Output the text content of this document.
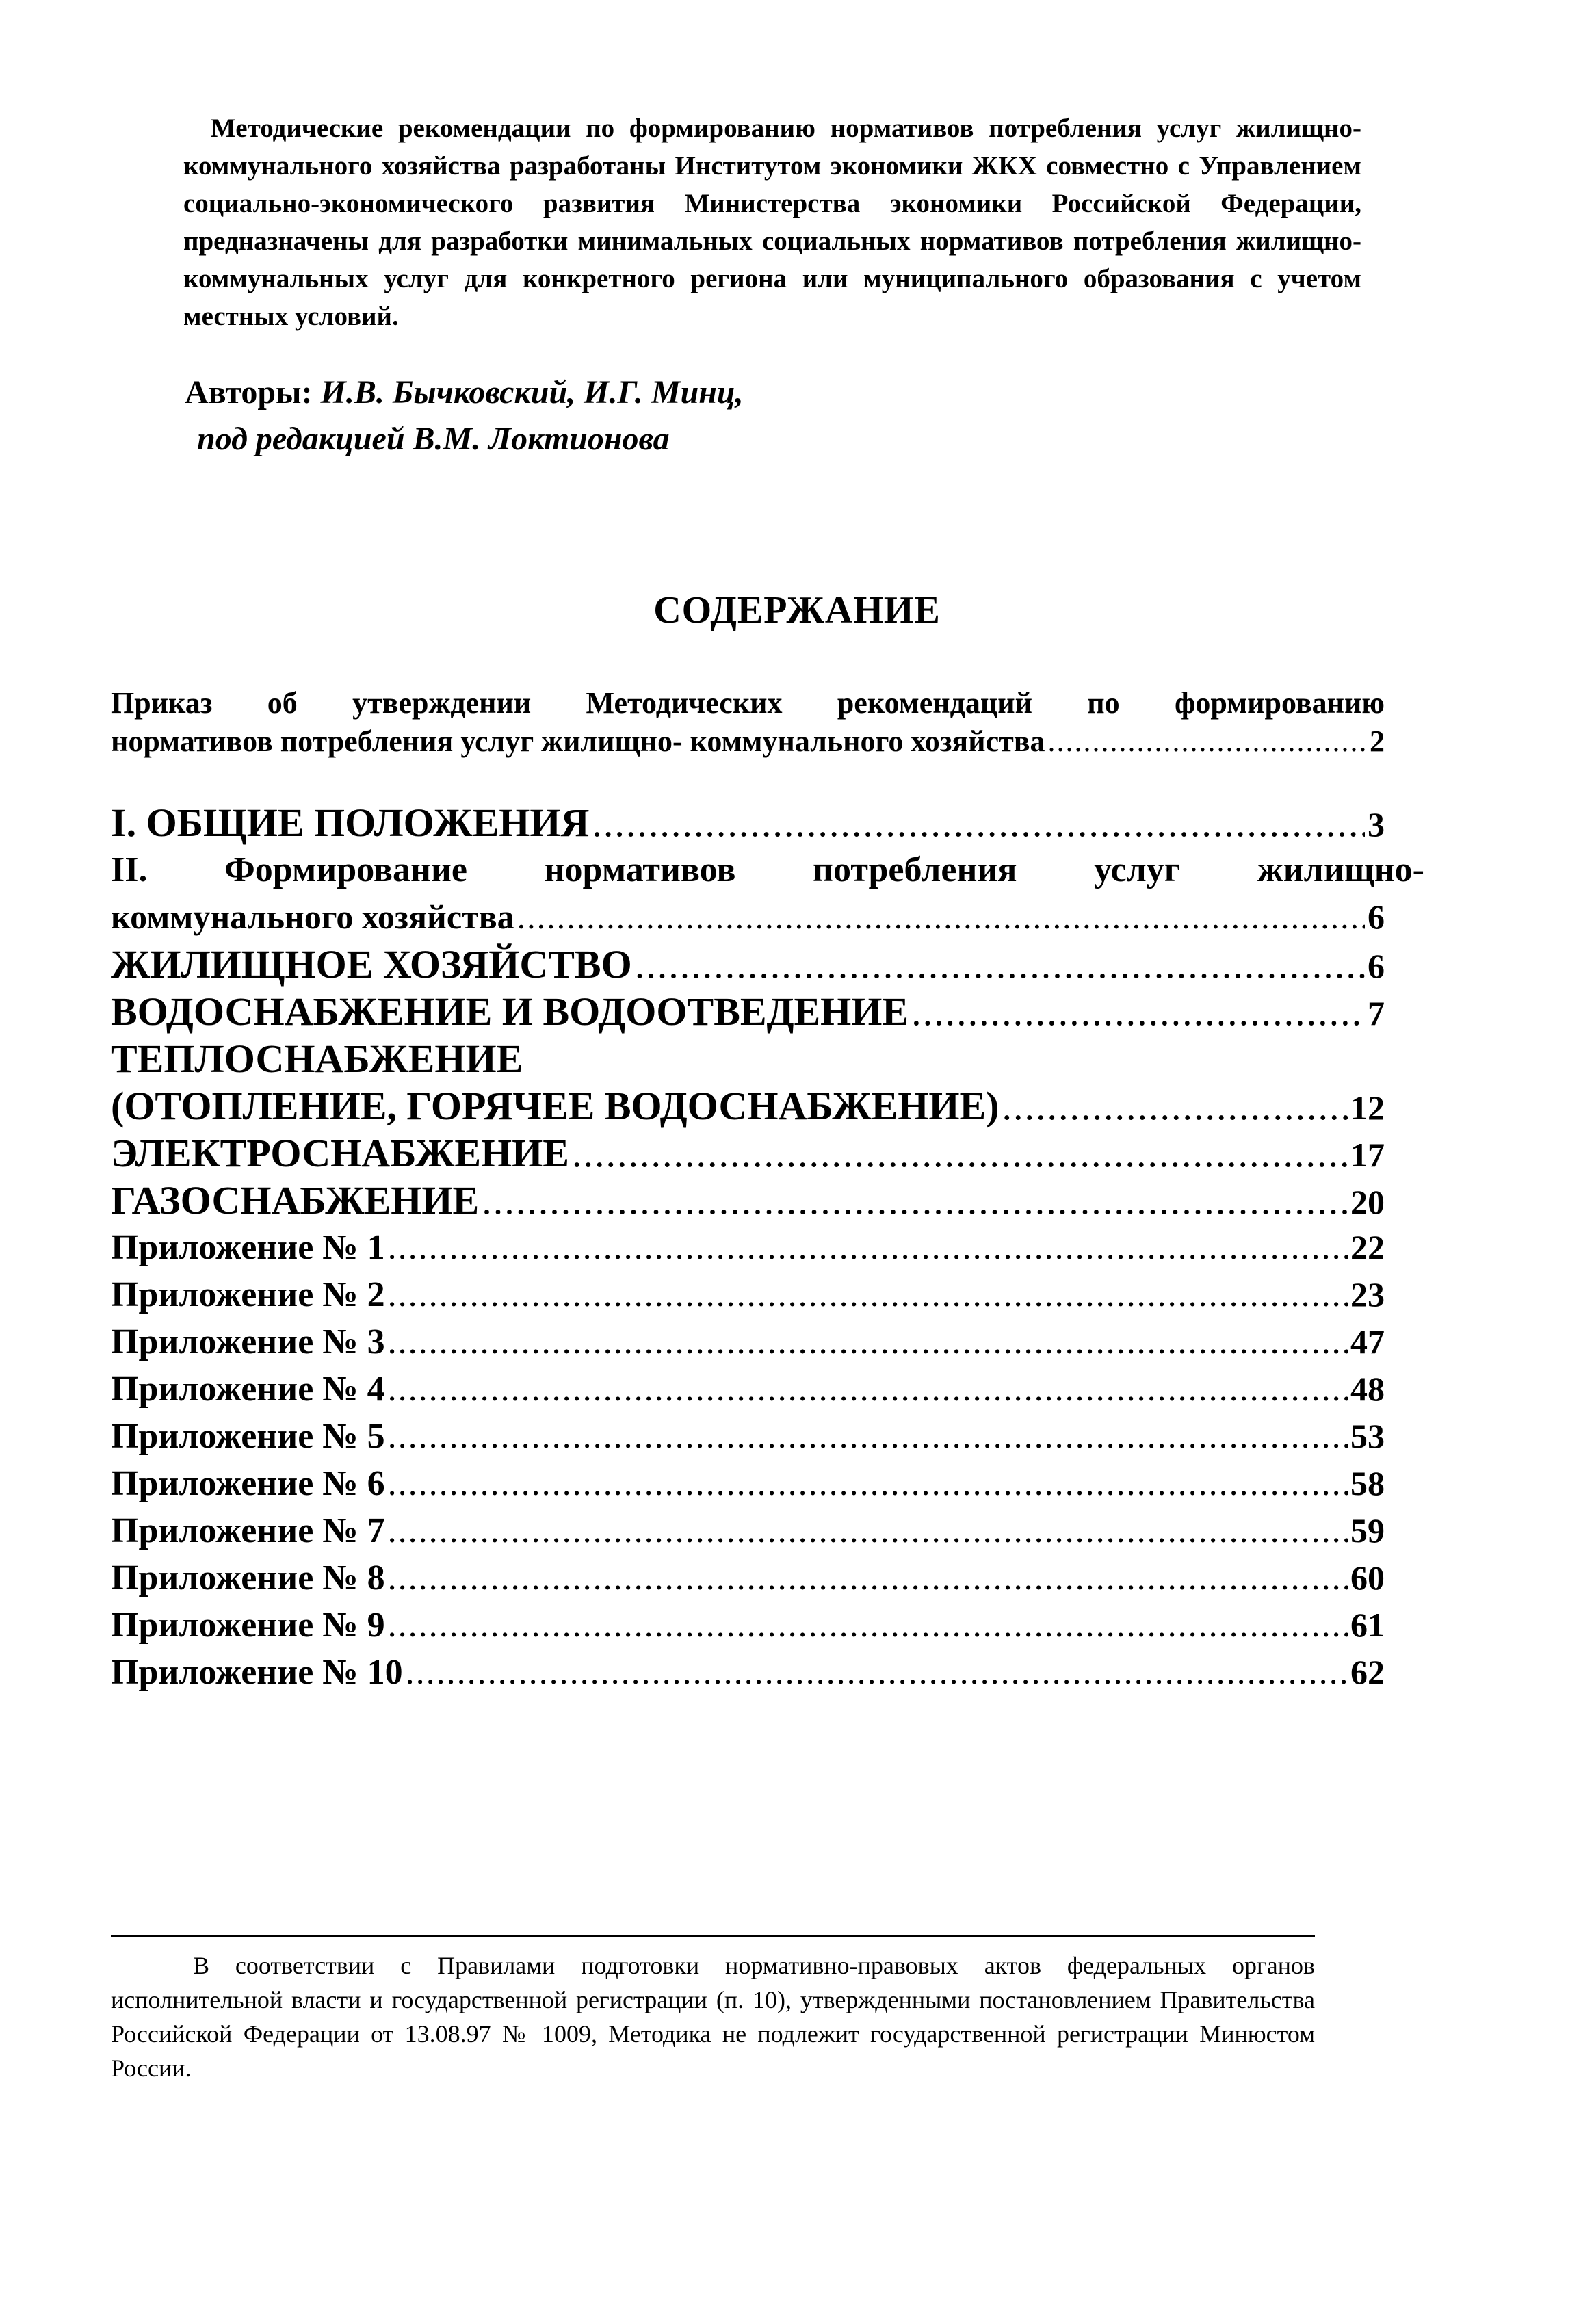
Методические рекомендации по формированию нормативов потребления услуг жилищно-коммунального хозяйства разработаны Институтом экономики ЖКХ совместно с Управлением социально-экономического развития Министерства экономики Российской Федерации, предназначены для разработки минимальных социальных нормативов потребления жилищно-коммунальных услуг для конкретного региона или муниципального образования с учетом местных условий.
Авторы: И.В. Бычковский, И.Г. Минц,
под редакцией В.М. Локтионова
СОДЕРЖАНИЕ
Приказ об утверждении Методических рекомендаций по формированию
нормативов потребления услуг жилищно- коммунального хозяйства .....	2
I. ОБЩИЕ ПОЛОЖЕНИЯ .....	3
II. Формирование нормативов потребления услуг жилищно-
коммунального хозяйства .....	6
ЖИЛИЩНОЕ ХОЗЯЙСТВО .....	6
ВОДОСНАБЖЕНИЕ И ВОДООТВЕДЕНИЕ .....	7
ТЕПЛОСНАБЖЕНИЕ
(ОТОПЛЕНИЕ, ГОРЯЧЕЕ ВОДОСНАБЖЕНИЕ) .....	12
ЭЛЕКТРОСНАБЖЕНИЕ .....	17
ГАЗОСНАБЖЕНИЕ .....	20
Приложение № 1 .....	22
Приложение № 2 .....	23
Приложение № 3 .....	47
Приложение № 4 .....	48
Приложение № 5 .....	53
Приложение № 6 .....	58
Приложение № 7 .....	59
Приложение № 8 .....	60
Приложение № 9 .....	61
Приложение № 10 .....	62
В соответствии с Правилами подготовки нормативно-правовых актов федеральных органов исполнительной власти и государственной регистрации (п. 10), утвержденными постановлением Правительства Российской Федерации от 13.08.97 № 1009, Методика не подлежит государственной регистрации Минюстом России.
